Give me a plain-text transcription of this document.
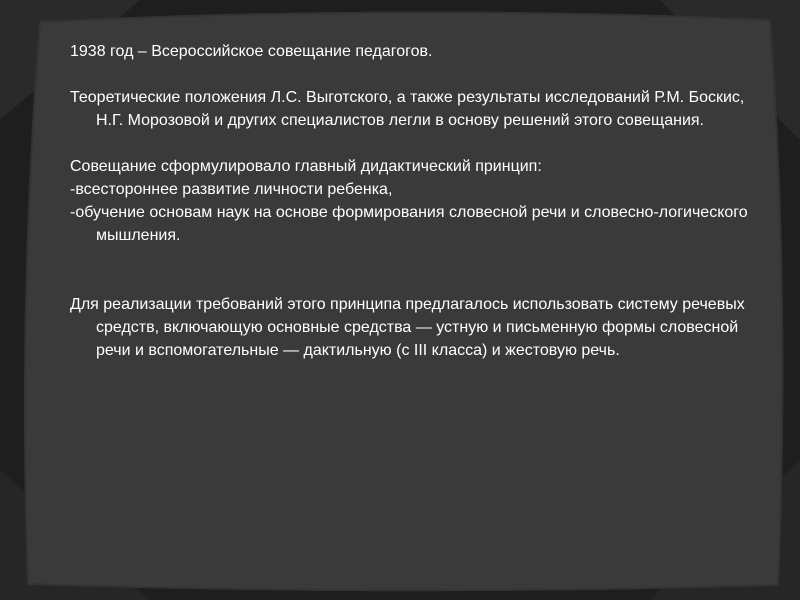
1938 год – Всероссийское совещание педагогов.

Теоретические положения Л.С. Выготского, а также результаты исследований Р.М. Боскис, Н.Г. Морозовой и других специалистов легли в основу решений этого совещания.

Совещание сформулировало главный дидактический принцип:

-всестороннее развитие личности ребенка,

-обучение основам наук на основе формирования словесной речи и словесно-логического мышления.

Для реализации требований этого принципа предлагалось использовать систему речевых средств, включающую основные средства — устную и письменную формы словесной речи и вспомогательные — дактильную (с III класса) и жестовую речь.
